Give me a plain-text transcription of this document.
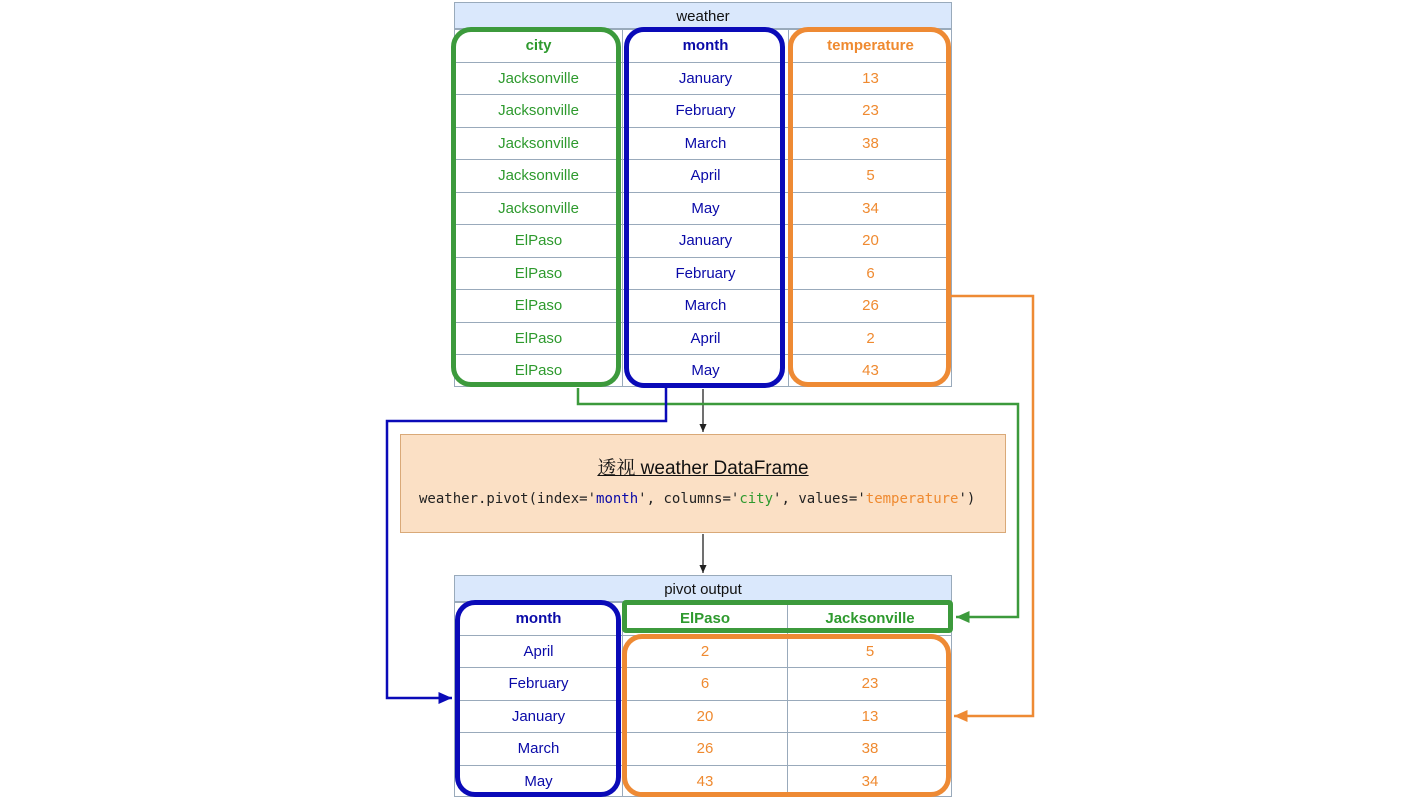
weather
city	month	temperature
Jacksonville	January	13
Jacksonville	February	23
Jacksonville	March	38
Jacksonville	April	5
Jacksonville	May	34
ElPaso	January	20
ElPaso	February	6
ElPaso	March	26
ElPaso	April	2
ElPaso	May	43
透视 weather DataFrame
weather.pivot(index='month', columns='city', values='temperature')
pivot output
month	ElPaso	Jacksonville
April	2	5
February	6	23
January	20	13
March	26	38
May	43	34
